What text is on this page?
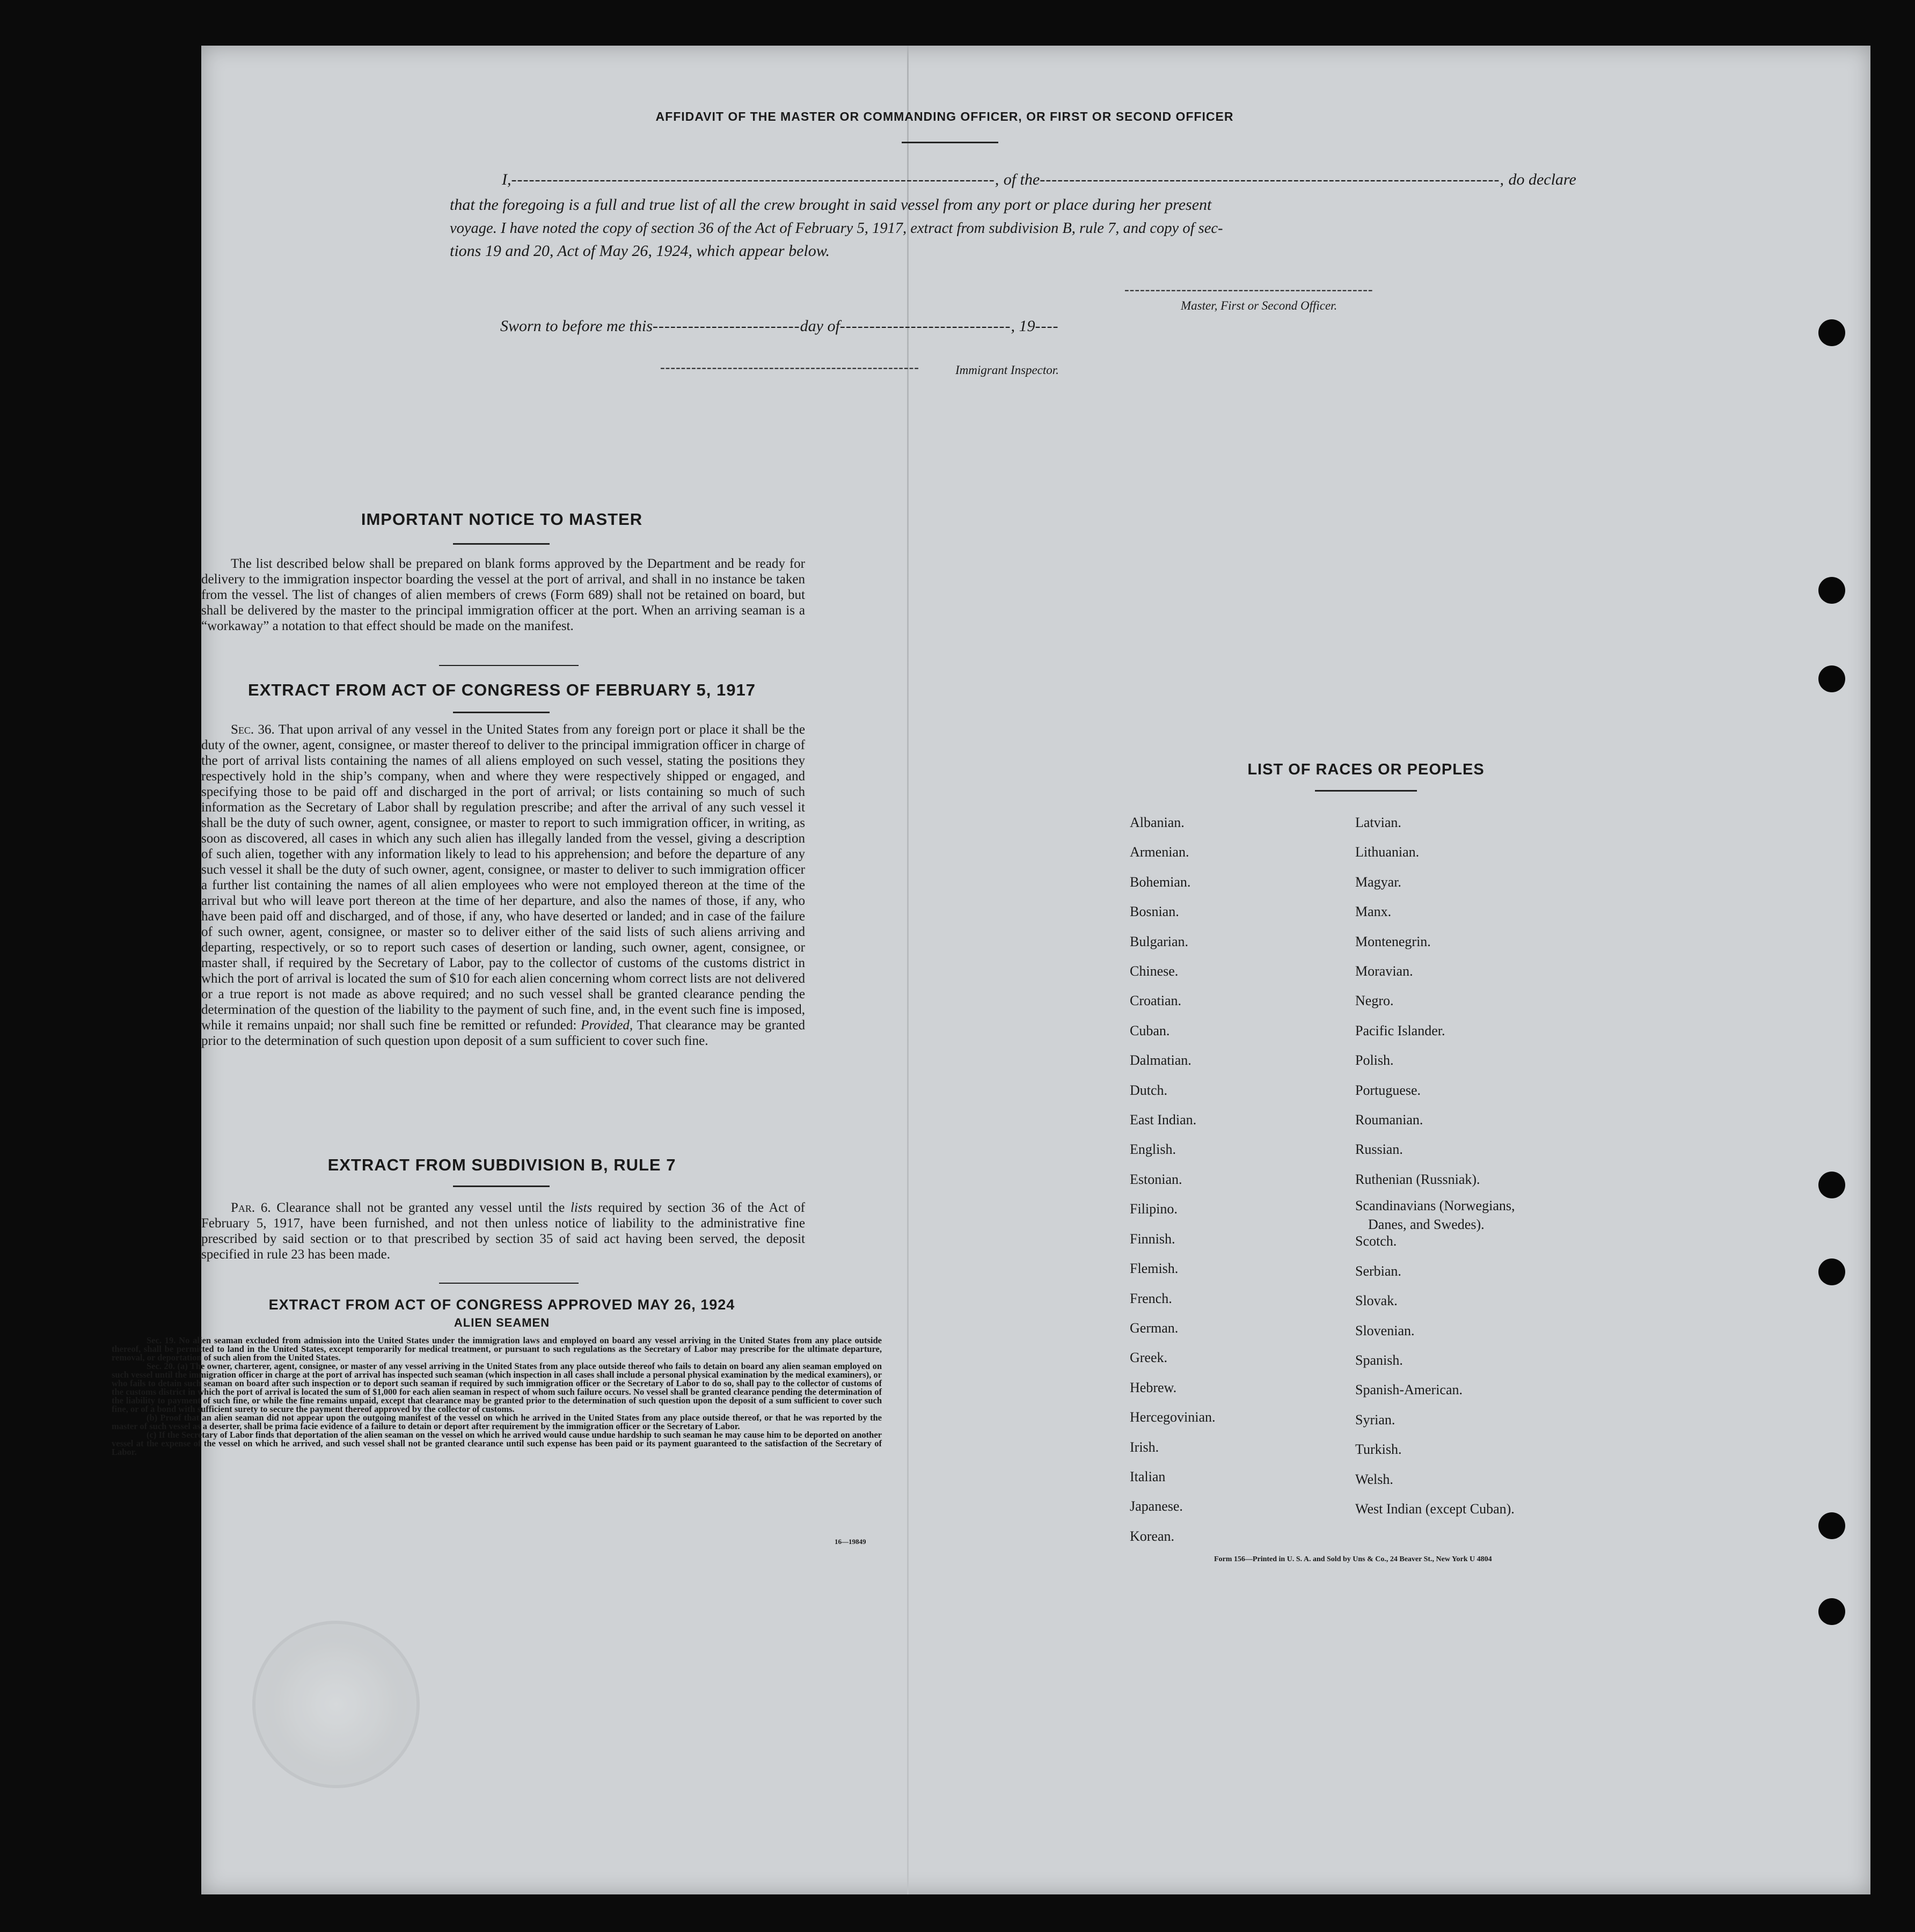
AFFIDAVIT OF THE MASTER OR COMMANDING OFFICER, OR FIRST OR SECOND OFFICER
I,----------------------------------------------------------------------------------, of the------------------------------------------------------------------------------, do declare
that the foregoing is a full and true list of all the crew brought in said vessel from any port or place during her present
voyage. I have noted the copy of section 36 of the Act of February 5, 1917, extract from subdivision B, rule 7, and copy of sec-
tions 19 and 20, Act of May 26, 1924, which appear below.
------------------------------------------------
Master, First or Second Officer.
Sworn to before me this-------------------------day of-----------------------------, 19----
--------------------------------------------------	Immigrant Inspector.
IMPORTANT NOTICE TO MASTER
The list described below shall be prepared on blank forms approved by the Department and be ready for delivery to the immigration inspector boarding the vessel at the port of arrival, and shall in no instance be taken from the vessel. The list of changes of alien members of crews (Form 689) shall not be retained on board, but shall be delivered by the master to the principal immigration officer at the port. When an arriving seaman is a “workaway” a notation to that effect should be made on the manifest.
EXTRACT FROM ACT OF CONGRESS OF FEBRUARY 5, 1917
Sec. 36. That upon arrival of any vessel in the United States from any foreign port or place it shall be the duty of the owner, agent, consignee, or master thereof to deliver to the principal immigration officer in charge of the port of arrival lists containing the names of all aliens employed on such vessel, stating the positions they respectively hold in the ship’s company, when and where they were respectively shipped or engaged, and specifying those to be paid off and discharged in the port of arrival; or lists containing so much of such information as the Secretary of Labor shall by regulation prescribe; and after the arrival of any such vessel it shall be the duty of such owner, agent, consignee, or master to report to such immigration officer, in writing, as soon as discovered, all cases in which any such alien has illegally landed from the vessel, giving a description of such alien, together with any information likely to lead to his apprehension; and before the departure of any such vessel it shall be the duty of such owner, agent, consignee, or master to deliver to such immigration officer a further list containing the names of all alien employees who were not employed thereon at the time of the arrival but who will leave port thereon at the time of her departure, and also the names of those, if any, who have been paid off and discharged, and of those, if any, who have deserted or landed; and in case of the failure of such owner, agent, consignee, or master so to deliver either of the said lists of such aliens arriving and departing, respectively, or so to report such cases of desertion or landing, such owner, agent, consignee, or master shall, if required by the Secretary of Labor, pay to the collector of customs of the customs district in which the port of arrival is located the sum of $10 for each alien concerning whom correct lists are not delivered or a true report is not made as above required; and no such vessel shall be granted clearance pending the determination of the question of the liability to the payment of such fine, and, in the event such fine is imposed, while it remains unpaid; nor shall such fine be remitted or refunded: Provided, That clearance may be granted prior to the determination of such question upon deposit of a sum sufficient to cover such fine.
EXTRACT FROM SUBDIVISION B, RULE 7
Par. 6. Clearance shall not be granted any vessel until the lists required by section 36 of the Act of February 5, 1917, have been furnished, and not then unless notice of liability to the administrative fine prescribed by said section or to that prescribed by section 35 of said act having been served, the deposit specified in rule 23 has been made.
EXTRACT FROM ACT OF CONGRESS APPROVED MAY 26, 1924
ALIEN SEAMEN
Sec. 19. No alien seaman excluded from admission into the United States under the immigration laws and employed on board any vessel arriving in the United States from any place outside thereof, shall be permitted to land in the United States, except temporarily for medical treatment, or pursuant to such regulations as the Secretary of Labor may prescribe for the ultimate departure, removal, or deportation of such alien from the United States.
Sec. 20. (a) The owner, charterer, agent, consignee, or master of any vessel arriving in the United States from any place outside thereof who fails to detain on board any alien seaman employed on such vessel until the immigration officer in charge at the port of arrival has inspected such seaman (which inspection in all cases shall include a personal physical examination by the medical examiners), or who fails to detain such seaman on board after such inspection or to deport such seaman if required by such immigration officer or the Secretary of Labor to do so, shall pay to the collector of customs of the customs district in which the port of arrival is located the sum of $1,000 for each alien seaman in respect of whom such failure occurs. No vessel shall be granted clearance pending the determination of the liability to payment of such fine, or while the fine remains unpaid, except that clearance may be granted prior to the determination of such question upon the deposit of a sum sufficient to cover such fine, or of a bond with sufficient surety to secure the payment thereof approved by the collector of customs.
(b) Proof that an alien seaman did not appear upon the outgoing manifest of the vessel on which he arrived in the United States from any place outside thereof, or that he was reported by the master of such vessel as a deserter, shall be prima facie evidence of a failure to detain or deport after requirement by the immigration officer or the Secretary of Labor.
(c) If the Secretary of Labor finds that deportation of the alien seaman on the vessel on which he arrived would cause undue hardship to such seaman he may cause him to be deported on another vessel at the expense of the vessel on which he arrived, and such vessel shall not be granted clearance until such expense has been paid or its payment guaranteed to the satisfaction of the Secretary of Labor.
16—19849
LIST OF RACES OR PEOPLES
Albanian.
Armenian.
Bohemian.
Bosnian.
Bulgarian.
Chinese.
Croatian.
Cuban.
Dalmatian.
Dutch.
East Indian.
English.
Estonian.
Filipino.
Finnish.
Flemish.
French.
German.
Greek.
Hebrew.
Hercegovinian.
Irish.
Italian
Japanese.
Korean.
Latvian.
Lithuanian.
Magyar.
Manx.
Montenegrin.
Moravian.
Negro.
Pacific Islander.
Polish.
Portuguese.
Roumanian.
Russian.
Ruthenian (Russniak).
Scandinavians (Norwegians,
Danes, and Swedes).
Scotch.
Serbian.
Slovak.
Slovenian.
Spanish.
Spanish-American.
Syrian.
Turkish.
Welsh.
West Indian (except Cuban).
Form 156—Printed in U. S. A. and Sold by Uns & Co., 24 Beaver St., New York U 4804
